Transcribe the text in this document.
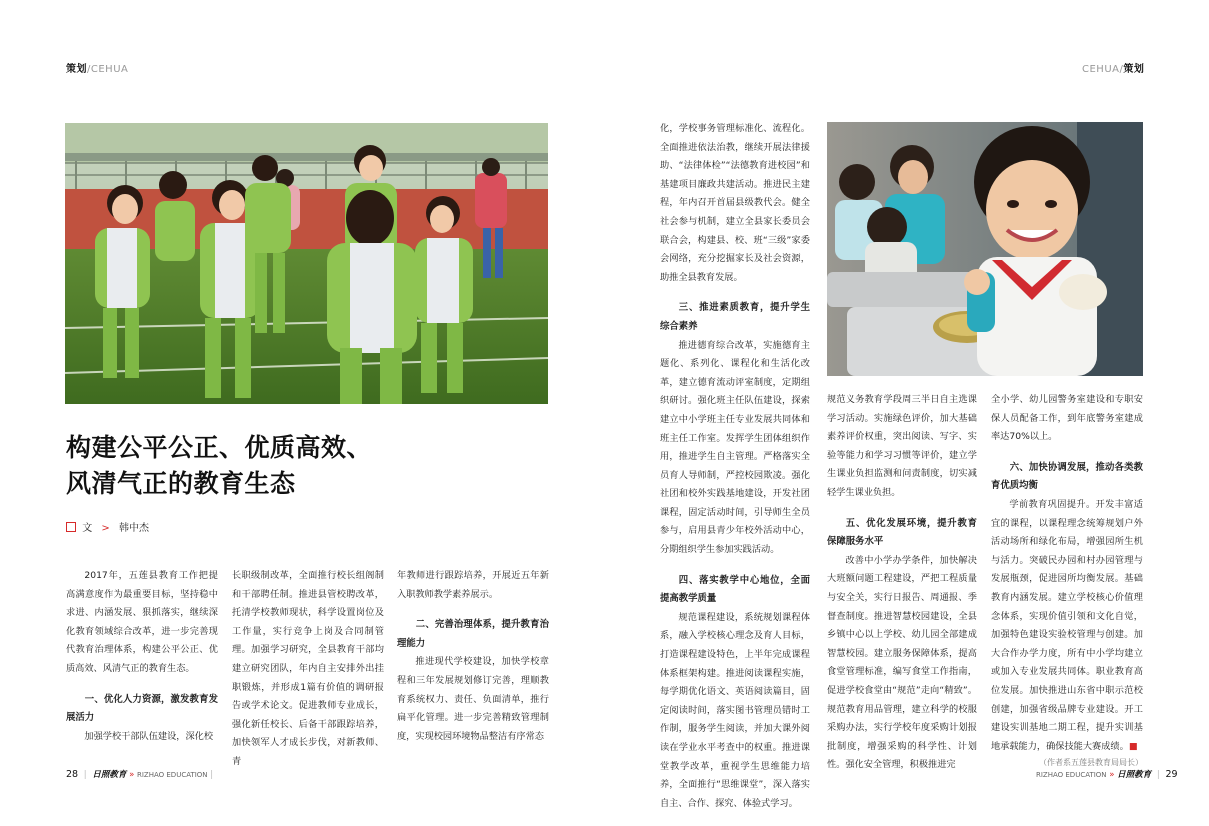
策划/CEHUA	CEHUA/策划
构建公平公正、优质高效、
风清气正的教育生态
文 > 韩中杰

2017年，五莲县教育工作把提高满意度作为最重要目标，坚持稳中求进、内涵发展、狠抓落实，继续深化教育领域综合改革，进一步完善现代教育治理体系，构建公平公正、优质高效、风清气正的教育生态。

一、优化人力资源，激发教育发展活力

加强学校干部队伍建设，深化校

长职级制改革，全面推行校长组阁制和干部聘任制。推进县管校聘改革，托清学校教师现状，科学设置岗位及工作量，实行竞争上岗及合同制管理。加强学习研究，全县教育干部均建立研究团队，年内自主安排外出挂职锻炼，并形成1篇有价值的调研报告或学术论文。促进教师专业成长，强化新任校长、后备干部跟踪培养，加快领军人才成长步伐，对新教师、青

年教师进行跟踪培养，开展近五年新入职教师教学素养展示。

二、完善治理体系，提升教育治理能力

推进现代学校建设，加快学校章程和三年发展规划修订完善，理顺教育系统权力、责任、负面清单，推行扁平化管理。进一步完善精致管理制度，实现校园环境物品整洁有序常态

化，学校事务管理标准化、流程化。全面推进依法治教，继续开展法律援助、“法律体检”“法德教育进校园”和基建项目廉政共建活动。推进民主建程，年内召开首届县级教代会。健全社会参与机制，建立全县家长委员会联合会，构建县、校、班“三级”家委会网络，充分挖掘家长及社会资源，助推全县教育发展。

三、推进素质教育，提升学生综合素养

推进德育综合改革，实施德育主题化、系列化、课程化和生活化改革，建立德育流动评室制度，定期组织研讨。强化班主任队伍建设，探索建立中小学班主任专业发展共同体和班主任工作室。发挥学生团体组织作用，推进学生自主管理。严格落实全员育人导师制，严控校园欺凌。强化社团和校外实践基地建设，开发社团课程，固定活动时间，引导师生全员参与，启用县青少年校外活动中心，分期组织学生参加实践活动。

四、落实教学中心地位，全面提高教学质量

规范课程建设，系统规划课程体系，融入学校核心理念及育人目标，打造课程建设特色，上半年完成课程体系框架构建。推进阅读课程实施，每学期优化语文、英语阅读篇目，固定阅读时间，落实图书管理员错时工作制，服务学生阅读，并加大课外阅读在学业水平考查中的权重。推进课堂教学改革，重视学生思维能力培养，全面推行“思维课堂”，深入落实自主、合作、探究、体验式学习。

规范义务教育学段周三半日自主选课学习活动。实施绿色评价，加大基础素养评价权重，突出阅读、写字、实验等能力和学习习惯等评价，建立学生课业负担监测和问责制度，切实减轻学生课业负担。

五、优化发展环境，提升教育保障服务水平

改善中小学办学条件，加快解决大班额问题工程建设，严把工程质量与安全关，实行日报告、周通报、季督查制度。推进智慧校园建设，全县乡镇中心以上学校、幼儿园全部建成智慧校园。建立服务保障体系，提高食堂管理标准，编写食堂工作指南，促进学校食堂由“规范”走向“精致”。规范教育用品管理，建立科学的校服采购办法，实行学校年度采购计划报批制度，增强采购的科学性、计划性。强化安全管理，积极推进完

全小学、幼儿园警务室建设和专职安保人员配备工作，到年底警务室建成率达70%以上。

六、加快协调发展，推动各类教育优质均衡

学前教育巩固提升。开发丰富适宜的课程，以课程理念统筹规划户外活动场所和绿化布局，增强园所生机与活力。突破民办园和村办园管理与发展瓶颈，促进园所均衡发展。基础教育内涵发展。建立学校核心价值理念体系，实现价值引领和文化自觉，加强特色建设实验校管理与创建。加大合作办学力度，所有中小学均建立或加入专业发展共同体。职业教育高位发展。加快推进山东省中职示范校创建，加强省级品牌专业建设。开工建设实训基地二期工程，提升实训基地承载能力，确保技能大赛成绩。■

（作者系五莲县教育局局长）
28 | 日照教育 » RIZHAO EDUCATION |	RIZHAO EDUCATION » 日照教育 | 29
